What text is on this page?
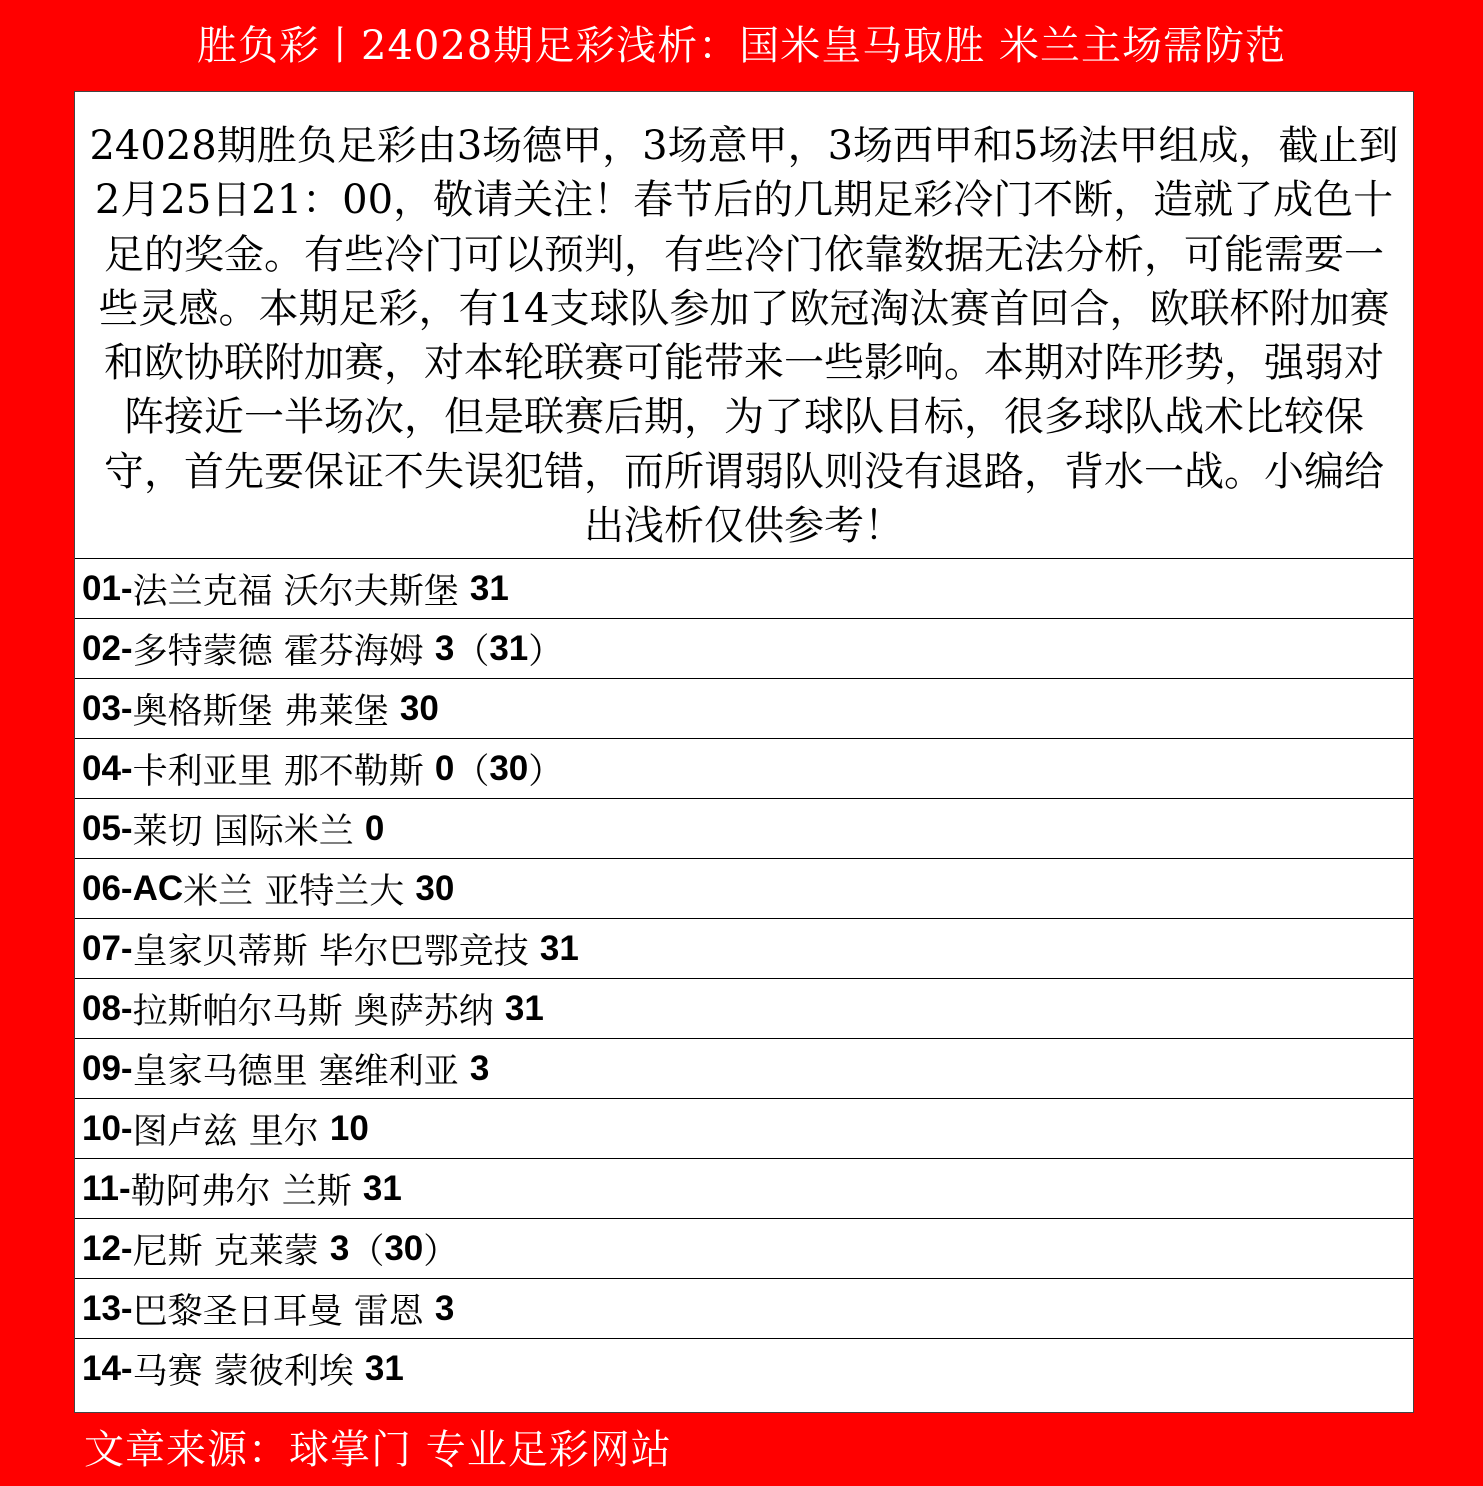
胜负彩丨24028期足彩浅析：国米皇马取胜 米兰主场需防范
24028期胜负足彩由3场德甲，3场意甲，3场西甲和5场法甲组成，截止到2月25日21：00，敬请关注！春节后的几期足彩冷门不断，造就了成色十足的奖金。有些冷门可以预判，有些冷门依靠数据无法分析，可能需要一些灵感。本期足彩，有14支球队参加了欧冠淘汰赛首回合，欧联杯附加赛和欧协联附加赛，对本轮联赛可能带来一些影响。本期对阵形势，强弱对阵接近一半场次，但是联赛后期，为了球队目标，很多球队战术比较保守，首先要保证不失误犯错，而所谓弱队则没有退路，背水一战。小编给出浅析仅供参考！
01- 法兰克福 沃尔夫斯堡 31
02- 多特蒙德 霍芬海姆 3 （ 31 ）
03- 奥格斯堡 弗莱堡 30
04- 卡利亚里 那不勒斯 0 （ 30 ）
05- 莱切 国际米兰 0
06-AC 米兰 亚特兰大 30
07- 皇家贝蒂斯 毕尔巴鄂竞技 31
08- 拉斯帕尔马斯 奥萨苏纳 31
09- 皇家马德里 塞维利亚 3
10- 图卢兹 里尔 10
11- 勒阿弗尔 兰斯 31
12- 尼斯 克莱蒙 3 （ 30 ）
13- 巴黎圣日耳曼 雷恩 3
14- 马赛 蒙彼利埃 31
文章来源：球掌门 专业足彩网站
